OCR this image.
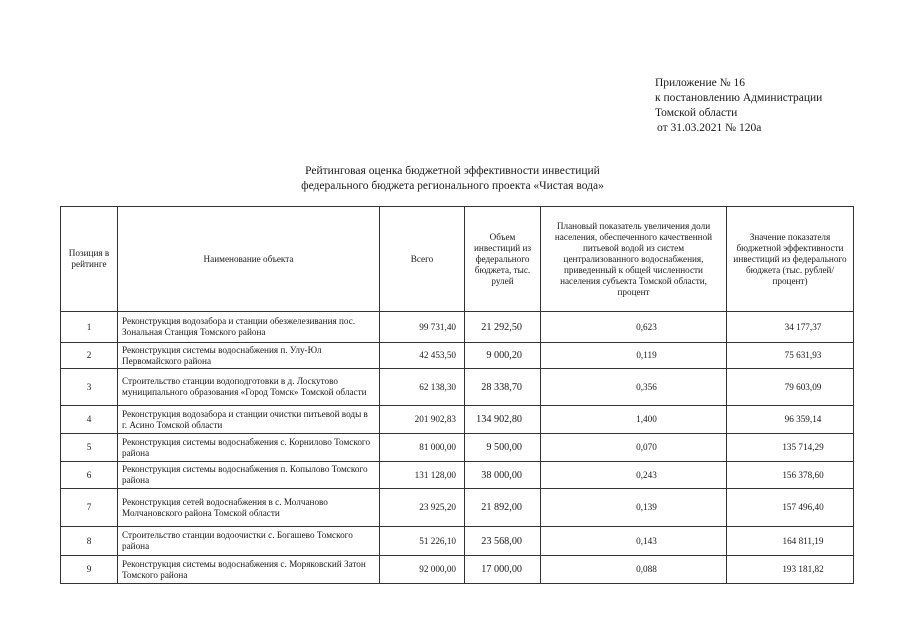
Приложение № 16
к постановлению Администрации
Томской области
от 31.03.2021 № 120а
Рейтинговая оценка бюджетной эффективности инвестиций
федерального бюджета регионального проекта «Чистая вода»
Позиция в рейтинге	Наименование объекта	Всего	Объем инвестиций из федерального бюджета, тыс. рулей	Плановый показатель увеличения доли населения, обеспеченного качественной питьевой водой из систем централизованного водоснабжения, приведенный к общей численности населения субъекта Томской области, процент	Значение показателя бюджетной эффективности инвестиций из федерального бюджета (тыс. рублей/процент)
1	Реконструкция водозабора и станции обезжелезивания пос. Зональная Станция Томского района	99 731,40	21 292,50	0,623	34 177,37
2	Реконструкция системы водоснабжения п. Улу-Юл Первомайского района	42 453,50	9 000,20	0,119	75 631,93
3	Строительство станции водоподготовки в д. Лоскутово муниципального образования «Город Томск» Томской области	62 138,30	28 338,70	0,356	79 603,09
4	Реконструкция водозабора и станции очистки питьевой воды в г. Асино Томской области	201 902,83	134 902,80	1,400	96 359,14
5	Реконструкция системы водоснабжения с. Корнилово Томского района	81 000,00	9 500,00	0,070	135 714,29
6	Реконструкция системы водоснабжения п. Копылово Томского района	131 128,00	38 000,00	0,243	156 378,60
7	Реконструкция сетей водоснабжения в с. Молчаново Молчановского района Томской области	23 925,20	21 892,00	0,139	157 496,40
8	Строительство станции водоочистки с. Богашево Томского района	51 226,10	23 568,00	0,143	164 811,19
9	Реконструкция системы водоснабжения с. Моряковский Затон Томского района	92 000,00	17 000,00	0,088	193 181,82
